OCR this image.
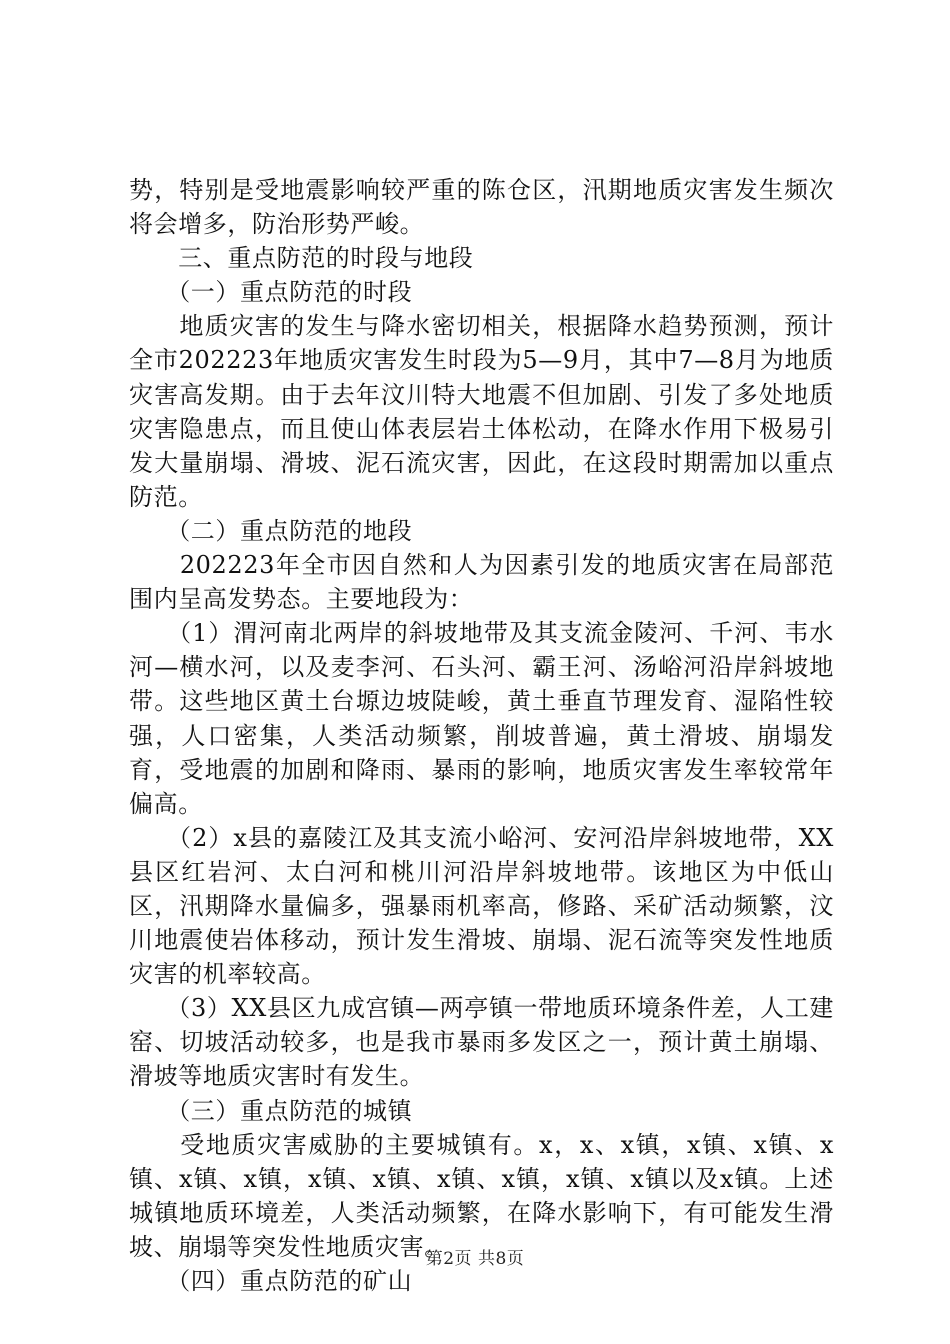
势，特别是受地震影响较严重的陈仓区，汛期地质灾害发生频次将会增多，防治形势严峻。

　　三、重点防范的时段与地段

　　（一）重点防范的时段

　　地质灾害的发生与降水密切相关，根据降水趋势预测，预计全市202223年地质灾害发生时段为5—9月，其中7—8月为地质灾害高发期。由于去年汶川特大地震不但加剧、引发了多处地质灾害隐患点，而且使山体表层岩土体松动，在降水作用下极易引发大量崩塌、滑坡、泥石流灾害，因此，在这段时期需加以重点防范。

　　（二）重点防范的地段

　　202223年全市因自然和人为因素引发的地质灾害在局部范围内呈高发势态。主要地段为：

　　（1）渭河南北两岸的斜坡地带及其支流金陵河、千河、韦水河—横水河，以及麦李河、石头河、霸王河、汤峪河沿岸斜坡地带。这些地区黄土台塬边坡陡峻，黄土垂直节理发育、湿陷性较强，人口密集，人类活动频繁，削坡普遍，黄土滑坡、崩塌发育，受地震的加剧和降雨、暴雨的影响，地质灾害发生率较常年偏高。

　　（2）x县的嘉陵江及其支流小峪河、安河沿岸斜坡地带，XX县区红岩河、太白河和桃川河沿岸斜坡地带。该地区为中低山区，汛期降水量偏多，强暴雨机率高，修路、采矿活动频繁，汶川地震使岩体移动，预计发生滑坡、崩塌、泥石流等突发性地质灾害的机率较高。

　　（3）XX县区九成宫镇—两亭镇一带地质环境条件差，人工建窑、切坡活动较多，也是我市暴雨多发区之一，预计黄土崩塌、滑坡等地质灾害时有发生。

　　（三）重点防范的城镇

　　受地质灾害威胁的主要城镇有。x，x、x镇，x镇、x镇、x镇、x镇、x镇，x镇、x镇、x镇、x镇，x镇、x镇以及x镇。上述城镇地质环境差，人类活动频繁，在降水影响下，有可能发生滑坡、崩塌等突发性地质灾害。

　　（四）重点防范的矿山

第2页 共8页
